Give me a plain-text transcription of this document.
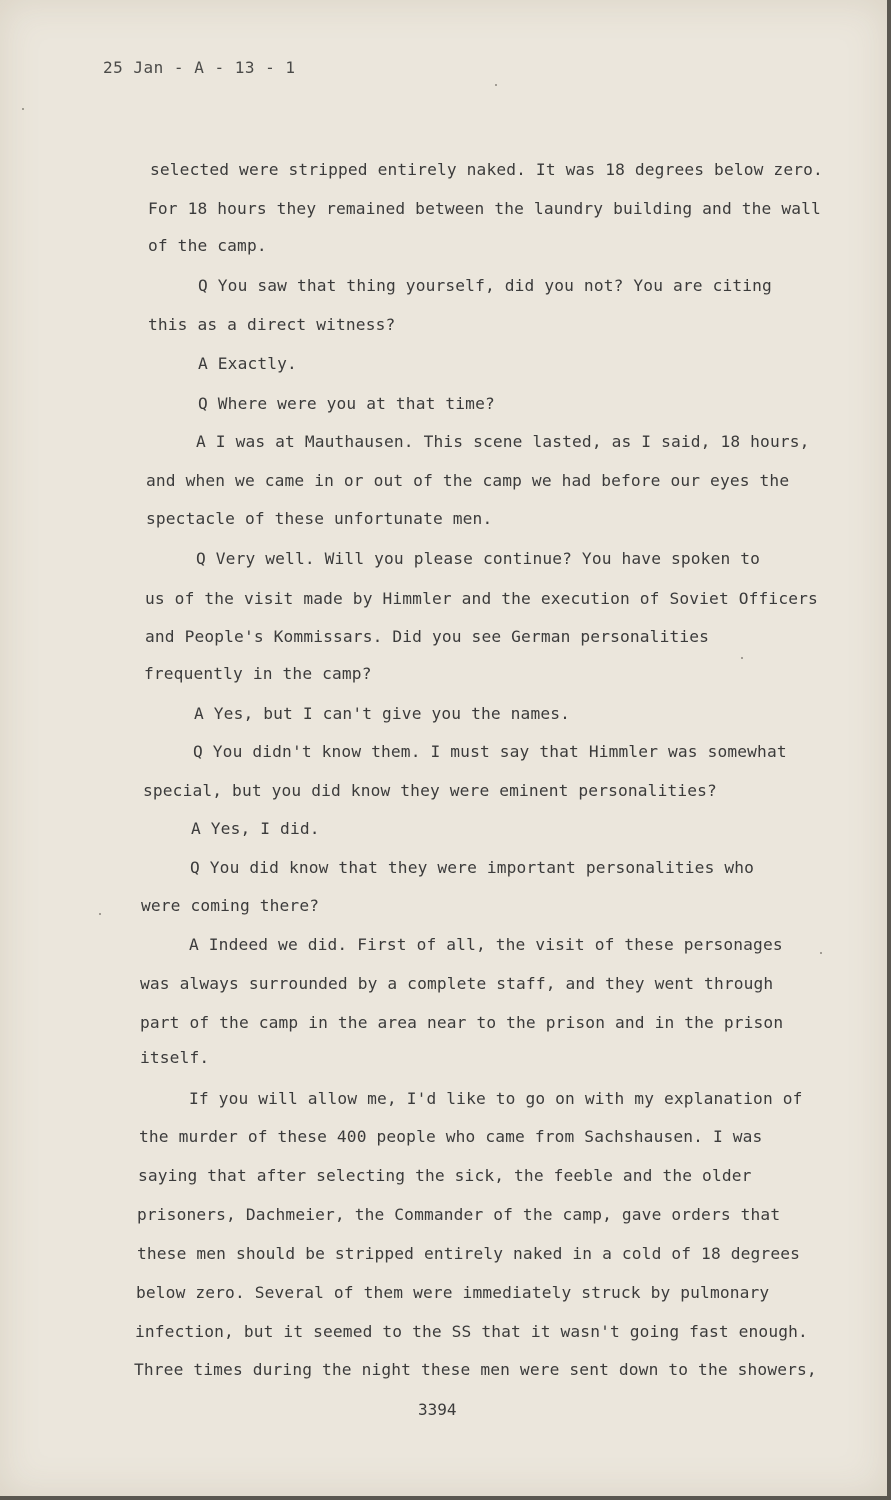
25 Jan - A - 13 - 1
selected were stripped entirely naked. It was 18 degrees below zero.
For 18 hours they remained between the laundry building and the wall
of the camp.
Q You saw that thing yourself, did you not? You are citing
this as a direct witness?
A Exactly.
Q Where were you at that time?
A I was at Mauthausen. This scene lasted, as I said, 18 hours,
and when we came in or out of the camp we had before our eyes the
spectacle of these unfortunate men.
Q Very well. Will you please continue? You have spoken to
us of the visit made by Himmler and the execution of Soviet Officers
and People's Kommissars. Did you see German personalities
frequently in the camp?
A Yes, but I can't give you the names.
Q You didn't know them. I must say that Himmler was somewhat
special, but you did know they were eminent personalities?
A Yes, I did.
Q You did know that they were important personalities who
were coming there?
A Indeed we did. First of all, the visit of these personages
was always surrounded by a complete staff, and they went through
part of the camp in the area near to the prison and in the prison
itself.
If you will allow me, I'd like to go on with my explanation of
the murder of these 400 people who came from Sachshausen. I was
saying that after selecting the sick, the feeble and the older
prisoners, Dachmeier, the Commander of the camp, gave orders that
these men should be stripped entirely naked in a cold of 18 degrees
below zero. Several of them were immediately struck by pulmonary
infection, but it seemed to the SS that it wasn't going fast enough.
Three times during the night these men were sent down to the showers,
3394
